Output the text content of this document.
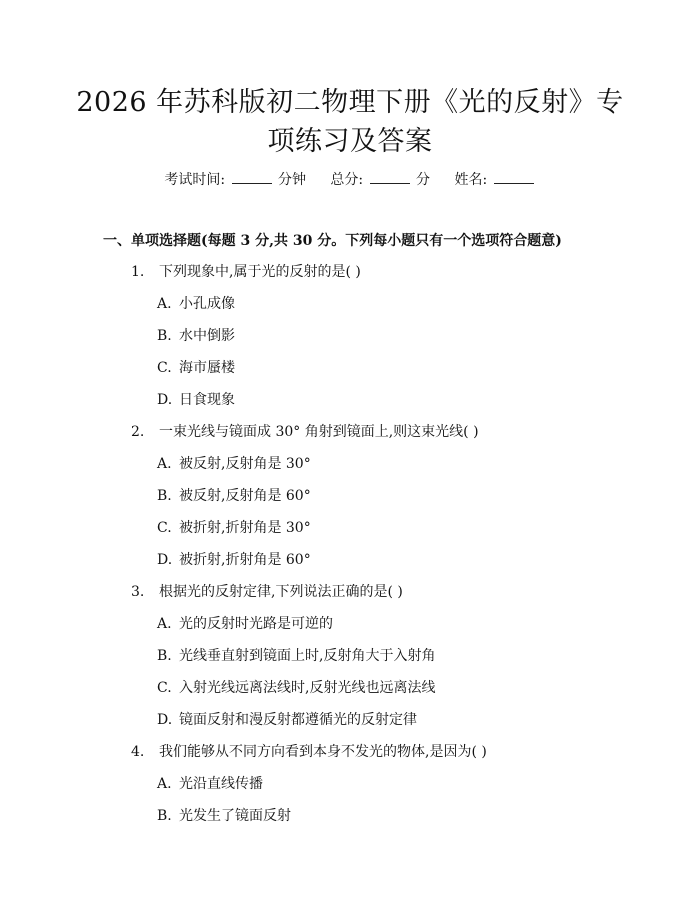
2026 年苏科版初二物理下册《光的反射》专
项练习及答案
考试时间:	分钟 总分:	分 姓名:
一、单项选择题(每题 3 分,共 30 分。下列每小题只有一个选项符合题意)
1. 下列现象中,属于光的反射的是( )
A. 小孔成像
B. 水中倒影
C. 海市蜃楼
D. 日食现象
2. 一束光线与镜面成 30° 角射到镜面上,则这束光线( )
A. 被反射,反射角是 30°
B. 被反射,反射角是 60°
C. 被折射,折射角是 30°
D. 被折射,折射角是 60°
3. 根据光的反射定律,下列说法正确的是( )
A. 光的反射时光路是可逆的
B. 光线垂直射到镜面上时,反射角大于入射角
C. 入射光线远离法线时,反射光线也远离法线
D. 镜面反射和漫反射都遵循光的反射定律
4. 我们能够从不同方向看到本身不发光的物体,是因为( )
A. 光沿直线传播
B. 光发生了镜面反射
